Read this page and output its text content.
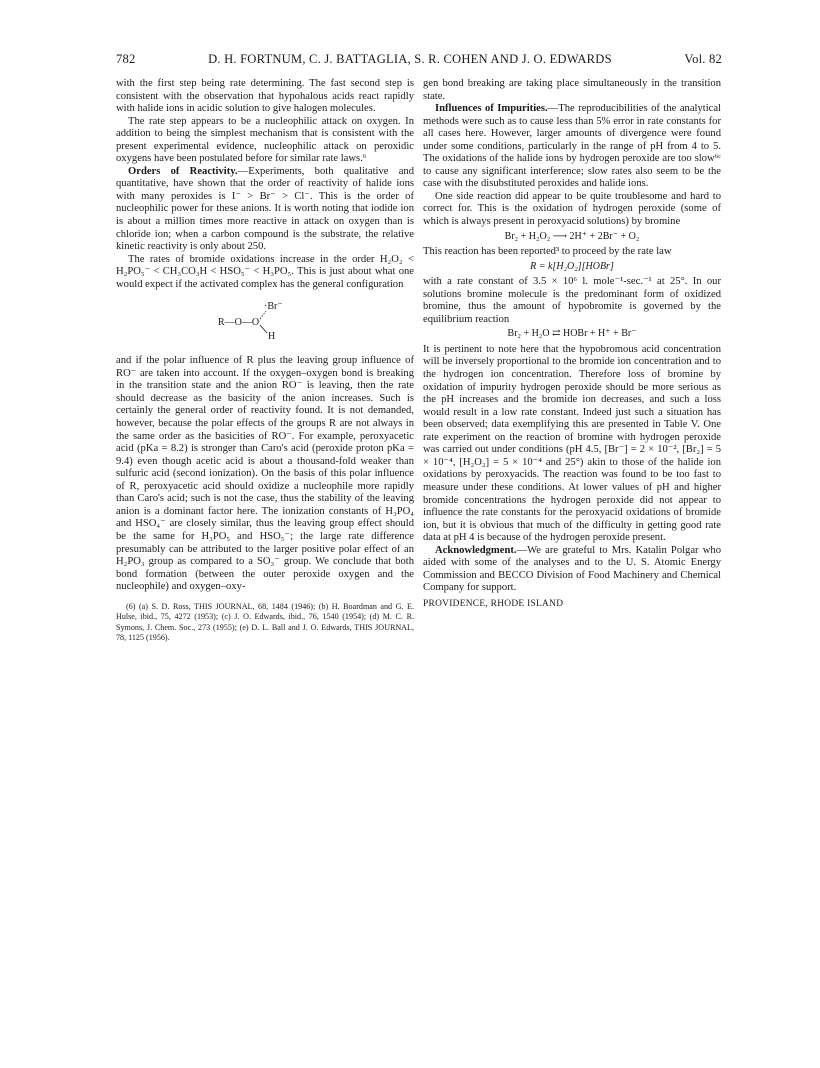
782	D. H. FORTNUM, C. J. BATTAGLIA, S. R. COHEN AND J. O. EDWARDS	Vol. 82

with the first step being rate determining. The fast second step is consistent with the observation that hypohalous acids react rapidly with halide ions in acidic solution to give halogen molecules.

The rate step appears to be a nucleophilic attack on oxygen. In addition to being the simplest mechanism that is consistent with the present experimental evidence, nucleophilic attack on peroxidic oxygens have been postulated before for similar rate laws.⁶

Orders of Reactivity.—Experiments, both qualitative and quantitative, have shown that the order of reactivity of halide ions with many peroxides is I⁻ > Br⁻ > Cl⁻. This is the order of nucleophilic power for these anions. It is worth noting that iodide ion is about a million times more reactive in attack on oxygen than is chloride ion; when a carbon compound is the substrate, the relative kinetic reactivity is only about 250.

The rates of bromide oxidations increase in the order H₂O₂ < H₂PO₅⁻ < CH₃CO₃H < HSO₅⁻ < H₃PO₅. This is just about what one would expect if the activated complex has the general configuration

R—O—O
·Br⁻
H

and if the polar influence of R plus the leaving group influence of RO⁻ are taken into account. If the oxygen–oxygen bond is breaking in the transition state and the anion RO⁻ is leaving, then the rate should decrease as the basicity of the anion increases. Such is certainly the general order of reactivity found. It is not demanded, however, because the polar effects of the groups R are not always in the same order as the basicities of RO⁻. For example, peroxyacetic acid (pKa = 8.2) is stronger than Caro's acid (peroxide proton pKa = 9.4) even though acetic acid is about a thousand-fold weaker than sulfuric acid (second ionization). On the basis of this polar influence of R, peroxyacetic acid should oxidize a nucleophile more rapidly than Caro's acid; such is not the case, thus the stability of the leaving anion is a dominant factor here. The ionization constants of H₃PO₄ and HSO₄⁻ are closely similar, thus the leaving group effect should be the same for H₃PO₅ and HSO₅⁻; the large rate difference presumably can be attributed to the larger positive polar effect of an H₂PO₃ group as compared to a SO₃⁻ group. We conclude that both bond formation (between the outer peroxide oxygen and the nucleophile) and oxygen–oxy-

(6) (a) S. D. Ross, THIS JOURNAL, 68, 1484 (1946); (b) H. Boardman and G. E. Hulse, ibid., 75, 4272 (1953); (c) J. O. Edwards, ibid., 76, 1540 (1954); (d) M. C. R. Symons, J. Chem. Soc., 273 (1955); (e) D. L. Ball and J. O. Edwards, THIS JOURNAL, 78, 1125 (1956).

gen bond breaking are taking place simultaneously in the transition state.

Influences of Impurities.—The reproducibilities of the analytical methods were such as to cause less than 5% error in rate constants for all cases here. However, larger amounts of divergence were found under some conditions, particularly in the range of pH from 4 to 5. The oxidations of the halide ions by hydrogen peroxide are too slow⁶ᶜ to cause any significant interference; slow rates also seem to be the case with the disubstituted peroxides and halide ions.

One side reaction did appear to be quite troublesome and hard to correct for. This is the oxidation of hydrogen peroxide (some of which is always present in peroxyacid solutions) by bromine

Br₂ + H₂O₂ ⟶ 2H⁺ + 2Br⁻ + O₂

This reaction has been reported³ to proceed by the rate law

R = k[H₂O₂][HOBr]

with a rate constant of 3.5 × 10⁶ l. mole⁻¹-sec.⁻¹ at 25°. In our solutions bromine molecule is the predominant form of oxidized bromine, thus the amount of hypobromite is governed by the equilibrium reaction

Br₂ + H₂O ⇄ HOBr + H⁺ + Br⁻

It is pertinent to note here that the hypobromous acid concentration will be inversely proportional to the bromide ion concentration and to the hydrogen ion concentration. Therefore loss of bromine by oxidation of impurity hydrogen peroxide should be more serious as the pH increases and the bromide ion decreases, and such a loss would result in a low rate constant. Indeed just such a situation has been observed; data exemplifying this are presented in Table V. One rate experiment on the reaction of bromine with hydrogen peroxide was carried out under conditions (pH 4.5, [Br⁻] = 2 × 10⁻², [Br₂] = 5 × 10⁻⁴, [H₂O₂] = 5 × 10⁻⁴ and 25°) akin to those of the halide ion oxidations by peroxyacids. The reaction was found to be too fast to measure under these conditions. At lower values of pH and higher bromide concentrations the hydrogen peroxide did not appear to influence the rate constants for the peroxyacid oxidations of bromide ion, but it is obvious that much of the difficulty in getting good rate data at pH 4 is because of the hydrogen peroxide present.

Acknowledgment.—We are grateful to Mrs. Katalin Polgar who aided with some of the analyses and to the U. S. Atomic Energy Commission and BECCO Division of Food Machinery and Chemical Company for support.

PROVIDENCE, RHODE ISLAND
